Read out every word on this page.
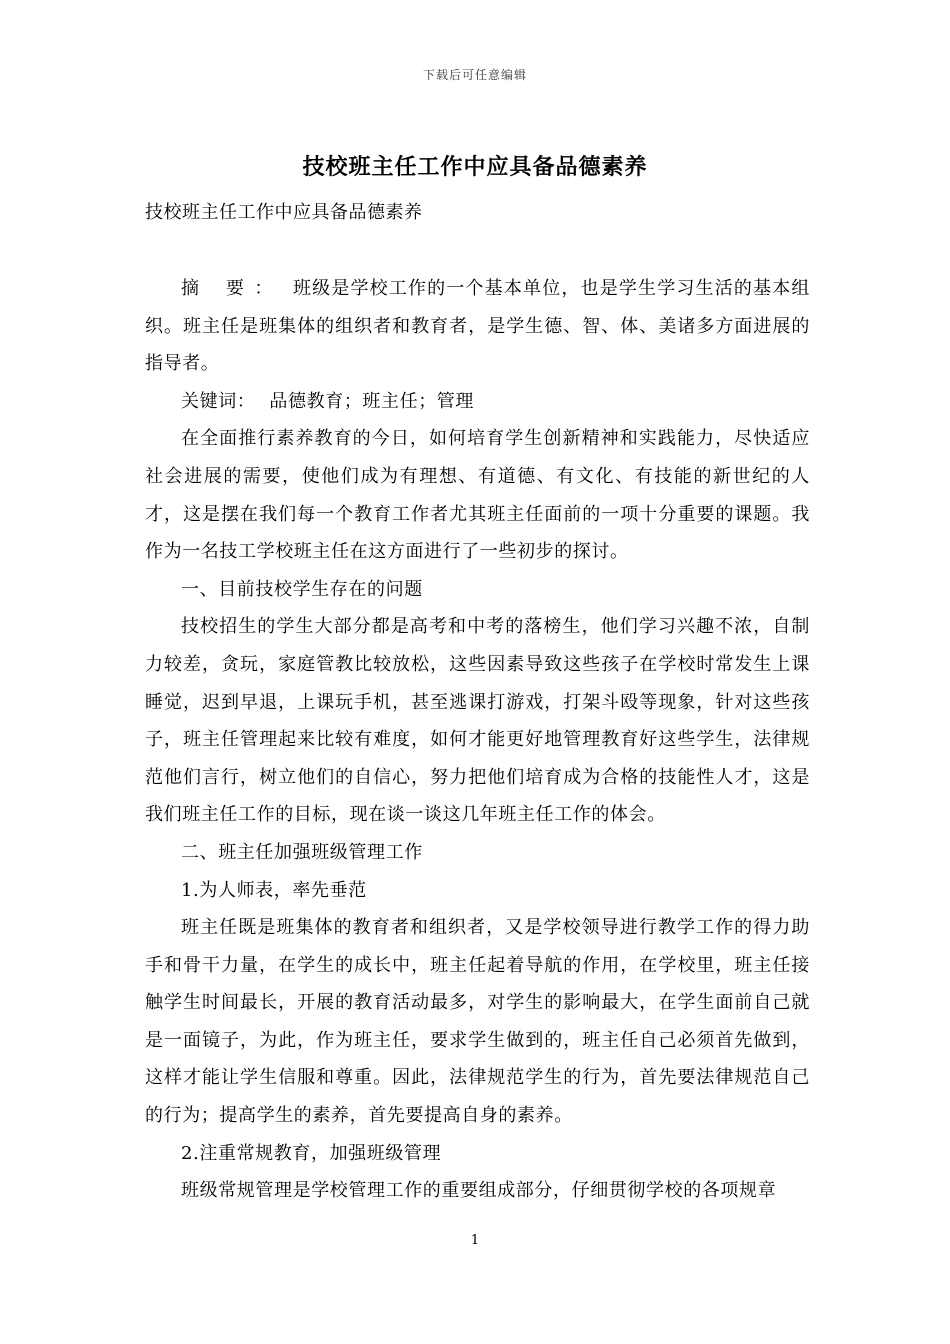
下载后可任意编辑
技校班主任工作中应具备品德素养
技校班主任工作中应具备品德素养

摘 要： 班级是学校工作的一个基本单位，也是学生学习生活的基本组织。班主任是班集体的组织者和教育者，是学生德、智、体、美诸多方面进展的指导者。

关键词： 品德教育；班主任；管理

在全面推行素养教育的今日，如何培育学生创新精神和实践能力，尽快适应社会进展的需要，使他们成为有理想、有道德、有文化、有技能的新世纪的人才，这是摆在我们每一个教育工作者尤其班主任面前的一项十分重要的课题。我作为一名技工学校班主任在这方面进行了一些初步的探讨。

一、目前技校学生存在的问题

技校招生的学生大部分都是高考和中考的落榜生，他们学习兴趣不浓，自制力较差，贪玩，家庭管教比较放松，这些因素导致这些孩子在学校时常发生上课睡觉，迟到早退，上课玩手机，甚至逃课打游戏，打架斗殴等现象，针对这些孩子，班主任管理起来比较有难度，如何才能更好地管理教育好这些学生，法律规范他们言行，树立他们的自信心，努力把他们培育成为合格的技能性人才，这是我们班主任工作的目标，现在谈一谈这几年班主任工作的体会。

二、班主任加强班级管理工作

1.为人师表，率先垂范

班主任既是班集体的教育者和组织者，又是学校领导进行教学工作的得力助手和骨干力量，在学生的成长中，班主任起着导航的作用，在学校里，班主任接触学生时间最长，开展的教育活动最多，对学生的影响最大，在学生面前自己就是一面镜子，为此，作为班主任，要求学生做到的，班主任自己必须首先做到，这样才能让学生信服和尊重。因此，法律规范学生的行为，首先要法律规范自己的行为；提高学生的素养，首先要提高自身的素养。

2.注重常规教育，加强班级管理

班级常规管理是学校管理工作的重要组成部分，仔细贯彻学校的各项规章

1
